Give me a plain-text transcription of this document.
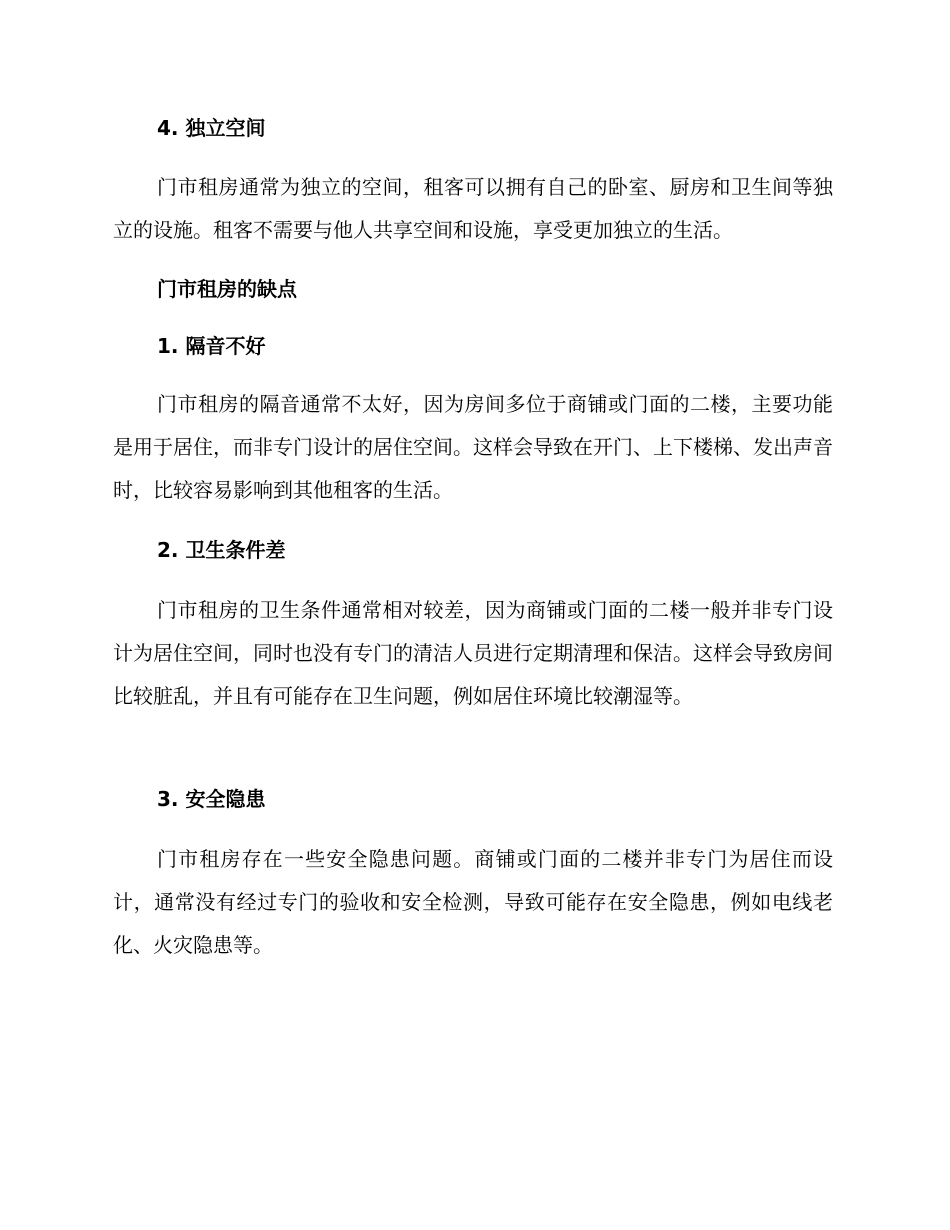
4. 独立空间

门市租房通常为独立的空间，租客可以拥有自己的卧室、厨房和卫生间等独立的设施。租客不需要与他人共享空间和设施，享受更加独立的生活。

门市租房的缺点
1. 隔音不好

门市租房的隔音通常不太好，因为房间多位于商铺或门面的二楼，主要功能是用于居住，而非专门设计的居住空间。这样会导致在开门、上下楼梯、发出声音时，比较容易影响到其他租客的生活。

2. 卫生条件差

门市租房的卫生条件通常相对较差，因为商铺或门面的二楼一般并非专门设计为居住空间，同时也没有专门的清洁人员进行定期清理和保洁。这样会导致房间比较脏乱，并且有可能存在卫生问题，例如居住环境比较潮湿等。

3. 安全隐患

门市租房存在一些安全隐患问题。商铺或门面的二楼并非专门为居住而设计，通常没有经过专门的验收和安全检测，导致可能存在安全隐患，例如电线老化、火灾隐患等。
